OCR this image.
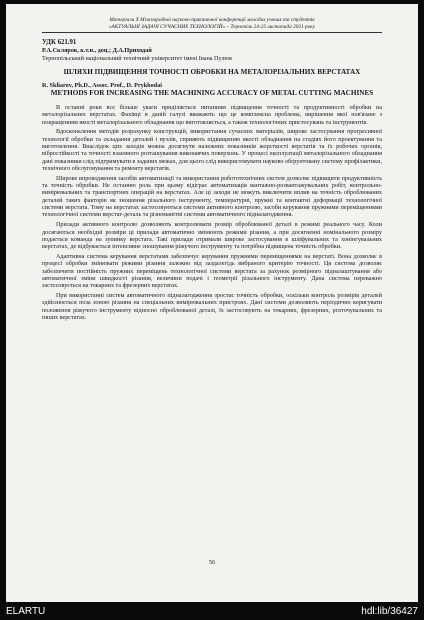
Матеріали Х Міжнародної науково-практичної конференції молодих учених та студентів
«АКТУАЛЬНІ ЗАДАЧІ СУЧАСНИХ ТЕХНОЛОГІЙ» – Тернопіль 24-25 листопада 2021 року
УДК 621.91
Р.А.Скляров, к.т.н., доц.; Д.А.Приходай
Тернопільський національний технічний університет імені Івана Пулюя
ШЛЯХИ ПІДВИЩЕННЯ ТОЧНОСТІ ОБРОБКИ НА МЕТАЛОРІЗАЛЬНИХ ВЕРСТАТАХ
R. Skliarov, Ph.D., Assoc. Prof., D. Prykhodai
METHODS FOR INCREASING THE MACHINING ACCURACY OF METAL CUTTING MACHINES

В останні роки все більше уваги приділяється питанням підвищення точності та продуктивності обробки на металорізальних верстатах. Фахівці в даній галузі вважають що це комплексна проблема, вирішення якої пов'язане з покращенням якості металорізального обладнання що виготовляється, а також технологічних пристосувань та інструментів.

Вдосконалення методів розрахунку конструкцій, використання сучасних матеріалів, широке застосування прогресивної технології обробки та складання деталей і вузлів, сприяють підвищенню якості обладнання на стадіях його проектування та виготовлення. Внаслідок цих заходів можна досягнути належних показників жорсткості верстатів та їх робочих органів, вібростійкості та точності взаємного розташування виконавчих поверхонь. У процесі експлуатації металорізального обладнання дані показники слід підтримувати в заданих межах, для цього слід використовувати науково обґрунтовану систему профілактики, технічного обслуговування та ремонту верстатів.

Широке впровадження засобів автоматизації та використання робототехнічних систем дозволяє підвищити продуктивність та точність обробки. Не останню роль при цьому відіграє автоматизація вантажно-розвантажувальних робіт, контрольно-вимірювальних та транспортних операцій на верстатах. Але ці заходи не можуть виключити вплив на точність оброблюваних деталей таких факторів як зношення різального інструменту, температурні, пружні та контактні деформації технологічної системи верстата. Тому на верстатах застосовуються системи активного контролю, засоби керування пружними переміщеннями технологічної системи верстат-деталь та різноманітні системи автоматичного підналагодження.

Прилади активного контролю дозволяють контролювати розмір оброблюваної деталі в режимі реального часу. Коли досягаються необхідні розміри ці прилади автоматично змінюють режими різання, а при досягненні номінального розміру подається команда на зупинку верстата. Такі прилади отримали широке застосування в шліфувальних та хонінгувальних верстатах, де відбувається інтенсивне зношування ріжучого інструменту та потрібна підвищена точність обробки.

Адаптивна система керування верстатами забезпечує керування пружними переміщеннями на верстаті. Вона дозволяє в процесі обробки змінювати режими різання залежно від заздалегідь вибраного критерію точності. Ця система дозволяє забезпечити постійність пружних переміщень технологічної системи верстата за рахунок розмірного підналаштування або автоматичної зміни швидкості різання, величини подачі і геометрії різального інструменту. Дана система переважно застосовується на токарних та фрезерних верстатах.

При використанні систем автоматичного підналагодження зростає точність обробки, оскільки контроль розмірів деталей здійснюється поза зоною різання на спеціальних вимірювальних пристроях. Дані системи дозволяють періодично коригувати положення ріжучого інструменту відносно оброблюваної деталі, їх застосовують на токарних, фрезерних, розточувальних та інших верстатах.

56
ELARTU	hdl:lib/36427
